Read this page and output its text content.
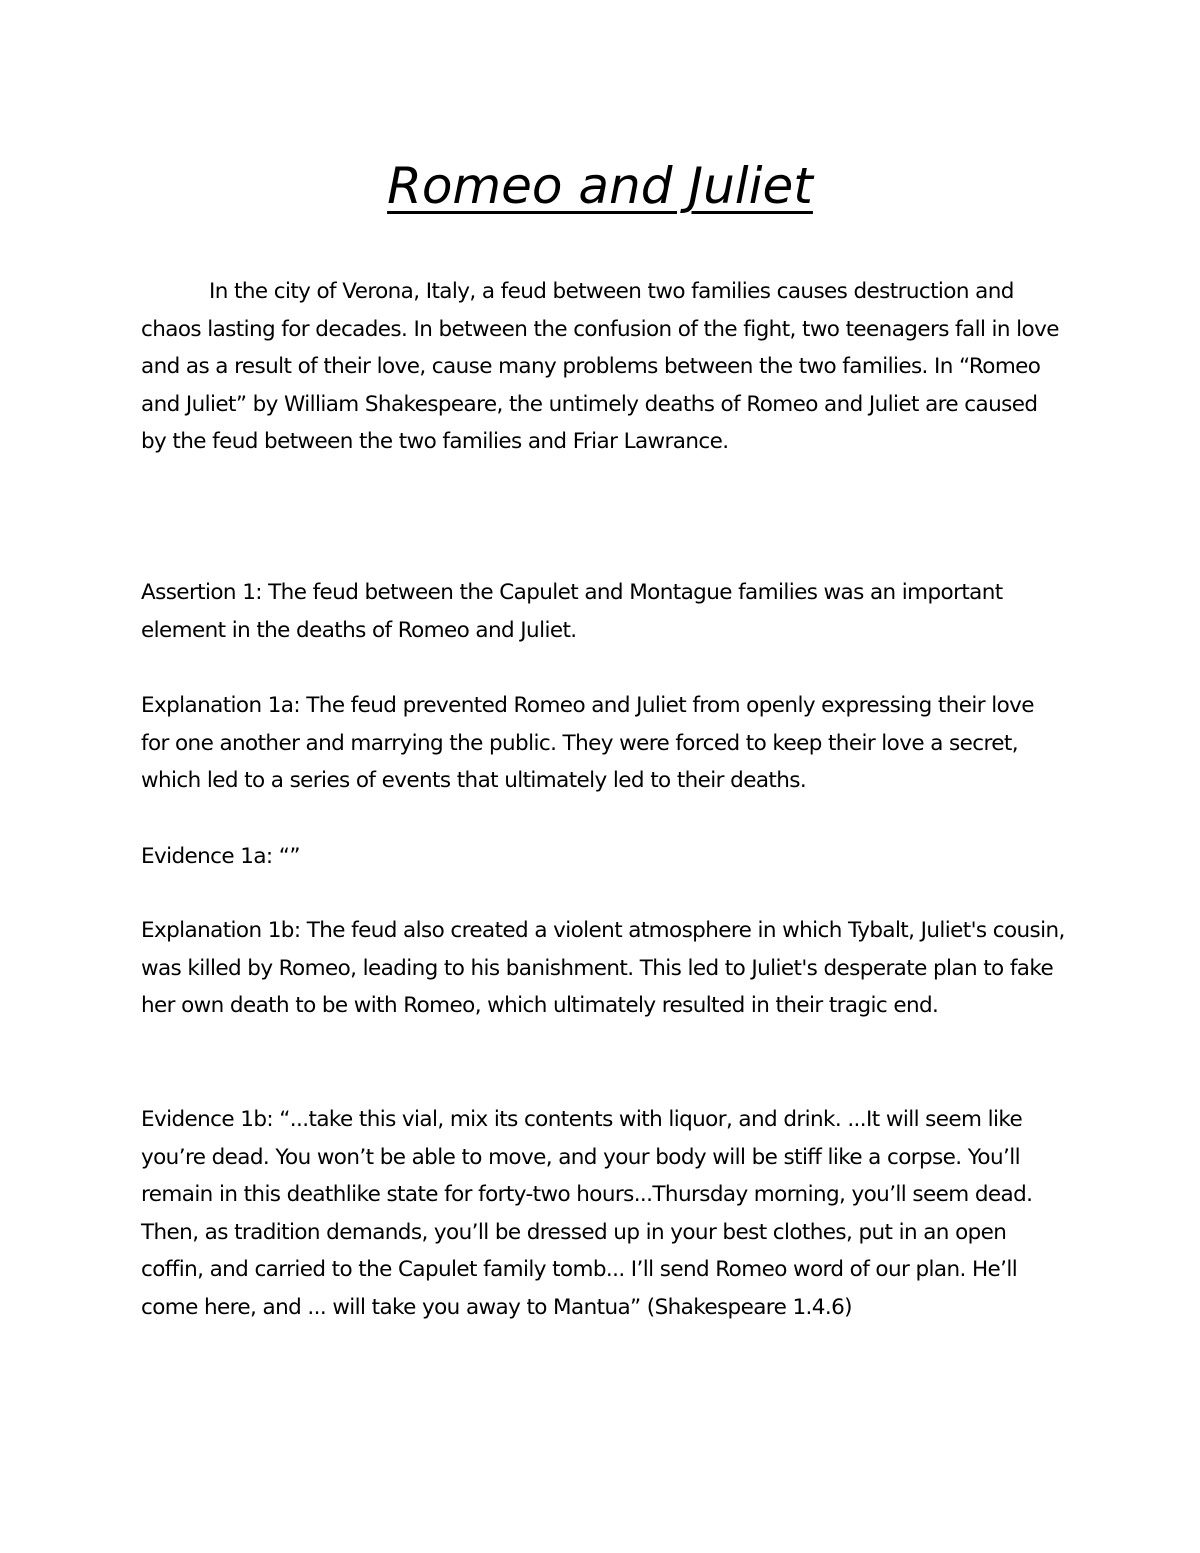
Romeo and Juliet

In the city of Verona, Italy, a feud between two families causes destruction and chaos lasting for decades. In between the confusion of the fight, two teenagers fall in love and as a result of their love, cause many problems between the two families. In “Romeo and Juliet” by William Shakespeare, the untimely deaths of Romeo and Juliet are caused by the feud between the two families and Friar Lawrance.

Assertion 1: The feud between the Capulet and Montague families was an important element in the deaths of Romeo and Juliet.

Explanation 1a: The feud prevented Romeo and Juliet from openly expressing their love for one another and marrying the public. They were forced to keep their love a secret, which led to a series of events that ultimately led to their deaths.

Evidence 1a: “”

Explanation 1b: The feud also created a violent atmosphere in which Tybalt, Juliet's cousin, was killed by Romeo, leading to his banishment. This led to Juliet's desperate plan to fake her own death to be with Romeo, which ultimately resulted in their tragic end.

Evidence 1b: “...take this vial, mix its contents with liquor, and drink. ...It will seem like you’re dead. You won’t be able to move, and your body will be stiff like a corpse. You’ll remain in this deathlike state for forty-two hours...Thursday morning, you’ll seem dead. Then, as tradition demands, you’ll be dressed up in your best clothes, put in an open coffin, and carried to the Capulet family tomb... I’ll send Romeo word of our plan. He’ll come here, and ... will take you away to Mantua” (Shakespeare 1.4.6)
